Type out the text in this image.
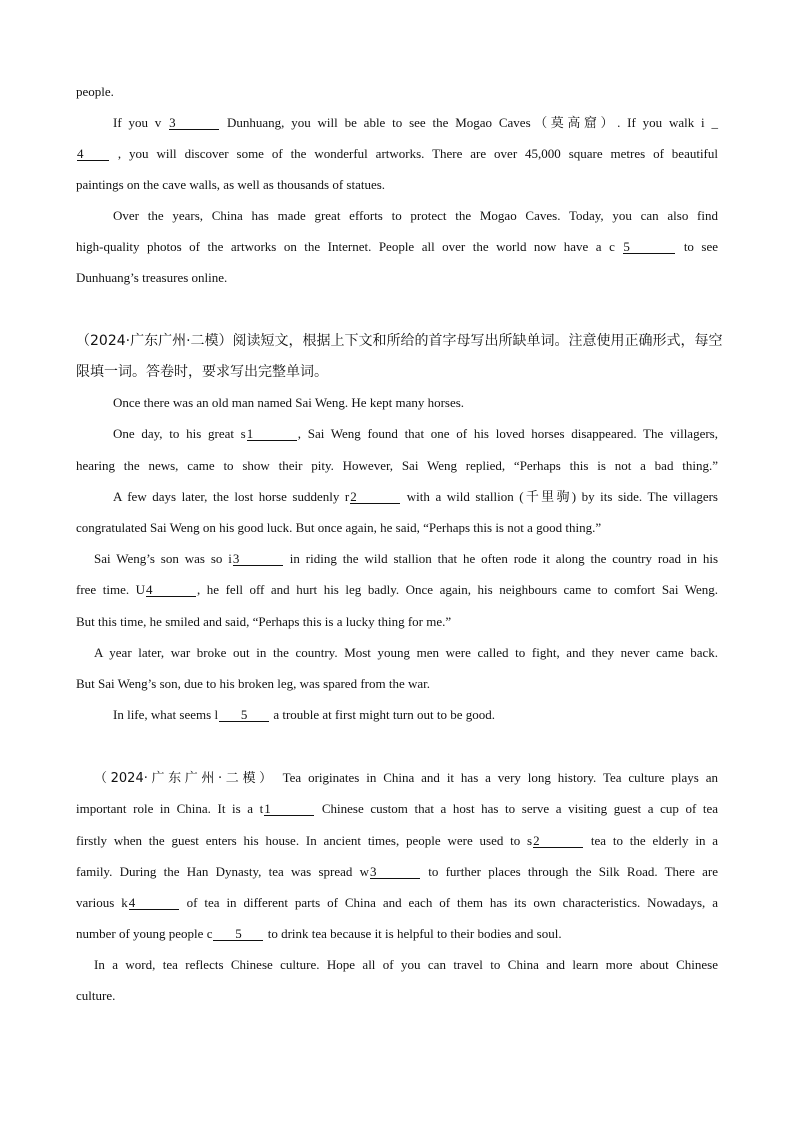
people.
If you v 3	Dunhuang, you will be able to see the Mogao Caves（莫高窟）. If you walk i _
4	, you will discover some of the wonderful artworks. There are over 45,000 square metres of beautiful
paintings on the cave walls, as well as thousands of statues.
Over the years, China has made great efforts to protect the Mogao Caves. Today, you can also find
high-quality photos of the artworks on the Internet. People all over the world now have a c 5	to see
Dunhuang’s treasures online.
（2024·广东广州·二模）阅读短文，根据上下文和所给的首字母写出所缺单词。注意使用正确形式，每空
限填一词。答卷时，要求写出完整单词。
Once there was an old man named Sai Weng. He kept many horses.
One day, to his great s1	, Sai Weng found that one of his loved horses disappeared. The villagers,
hearing the news, came to show their pity. However, Sai Weng replied, “Perhaps this is not a bad thing.”
A few days later, the lost horse suddenly r2	with a wild stallion (千里驹) by its side. The villagers
congratulated Sai Weng on his good luck. But once again, he said, “Perhaps this is not a good thing.”
Sai Weng’s son was so i3	in riding the wild stallion that he often rode it along the country road in his
free time. U4	, he fell off and hurt his leg badly. Once again, his neighbours came to comfort Sai Weng.
But this time, he smiled and said, “Perhaps this is a lucky thing for me.”
A year later, war broke out in the country. Most young men were called to fight, and they never came back.
But Sai Weng’s son, due to his broken leg, was spared from the war.
In life, what seems l 5 a trouble at first might turn out to be good.
（2024·广东广州·二模） Tea originates in China and it has a very long history. Tea culture plays an
important role in China. It is a t1	Chinese custom that a host has to serve a visiting guest a cup of tea
firstly when the guest enters his house. In ancient times, people were used to s2	tea to the elderly in a
family. During the Han Dynasty, tea was spread w3	to further places through the Silk Road. There are
various k4	of tea in different parts of China and each of them has its own characteristics. Nowadays, a
number of young people c 5 to drink tea because it is helpful to their bodies and soul.
In a word, tea reflects Chinese culture. Hope all of you can travel to China and learn more about Chinese
culture.
